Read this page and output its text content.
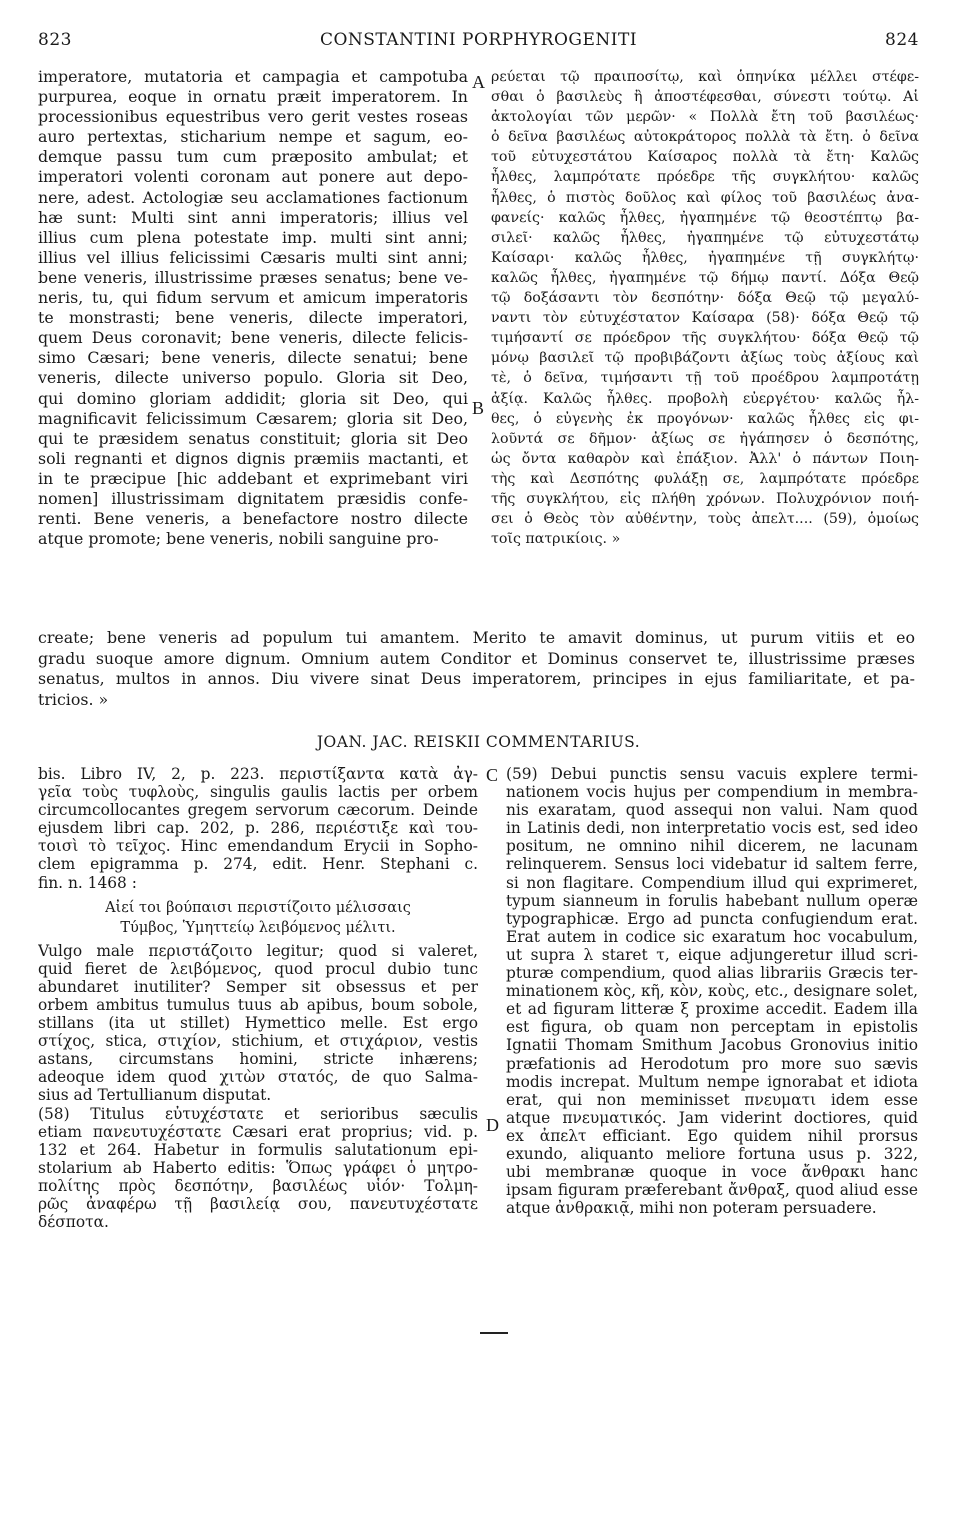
823	CONSTANTINI PORPHYROGENITI	824
imperatore, mutatoria et campagia et campotuba
purpurea, eoque in ornatu præit imperatorem. In
processionibus equestribus vero gerit vestes roseas
auro pertextas, sticharium nempe et sagum, eo-
demque passu tum cum præposito ambulat; et
imperatori volenti coronam aut ponere aut depo-
nere, adest. Actologiæ seu acclamationes factionum
hæ sunt: Multi sint anni imperatoris; illius vel
illius cum plena potestate imp. multi sint anni;
illius vel illius felicissimi Cæsaris multi sint anni;
bene veneris, illustrissime præses senatus; bene ve-
neris, tu, qui fidum servum et amicum imperatoris
te monstrasti; bene veneris, dilecte imperatori,
quem Deus coronavit; bene veneris, dilecte felicis-
simo Cæsari; bene veneris, dilecte senatui; bene
veneris, dilecte universo populo. Gloria sit Deo,
qui domino gloriam addidit; gloria sit Deo, qui
magnificavit felicissimum Cæsarem; gloria sit Deo,
qui te præsidem senatus constituit; gloria sit Deo
soli regnanti et dignos dignis præmiis mactanti, et
in te præcipue [hic addebant et exprimebant viri
nomen] illustrissimam dignitatem præsidis confe-
renti. Bene veneris, a benefactore nostro dilecte
atque promote; bene veneris, nobili sanguine pro-
ρεύεται τῷ πραιποσίτῳ, καὶ ὁπηνίκα μέλλει στέφε-
σθαι ὁ βασιλεὺς ἢ ἀποστέφεσθαι, σύνεστι τούτῳ. Αἱ
ἀκτολογίαι τῶν μερῶν· « Πολλὰ ἔτη τοῦ βασιλέως·
ὁ δεῖνα βασιλέως αὐτοκράτορος πολλὰ τὰ ἔτη. ὁ δεῖνα
τοῦ εὐτυχεστάτου Καίσαρος πολλὰ τὰ ἔτη· Καλῶς
ἦλθες, λαμπρότατε πρόεδρε τῆς συγκλήτου· καλῶς
ἦλθες, ὁ πιστὸς δοῦλος καὶ φίλος τοῦ βασιλέως ἀνα-
φανείς· καλῶς ἦλθες, ἠγαπημένε τῷ θεοστέπτῳ βα-
σιλεῖ· καλῶς ἦλθες, ἠγαπημένε τῷ εὐτυχεστάτῳ
Καίσαρι· καλῶς ἦλθες, ἠγαπημένε τῇ συγκλήτῳ·
καλῶς ἦλθες, ἠγαπημένε τῷ δήμῳ παντί. Δόξα Θεῷ
τῷ δοξάσαντι τὸν δεσπότην· δόξα Θεῷ τῷ μεγαλύ-
ναντι τὸν εὐτυχέστατον Καίσαρα (58)· δόξα Θεῷ τῷ
τιμήσαντί σε πρόεδρον τῆς συγκλήτου· δόξα Θεῷ τῷ
μόνῳ βασιλεῖ τῷ προβιβάζοντι ἀξίως τοὺς ἀξίους καὶ
τὲ, ὁ δεῖνα, τιμήσαντι τῇ τοῦ προέδρου λαμπροτάτῃ
ἀξίᾳ. Καλῶς ἦλθες. προβολὴ εὐεργέτου· καλῶς ἦλ-
θες, ὁ εὐγενὴς ἐκ προγόνων· καλῶς ἦλθες εἰς φι-
λοῦντά σε δῆμον· ἀξίως σε ἠγάπησεν ὁ δεσπότης,
ὡς ὄντα καθαρὸν καὶ ἐπάξιον. Ἀλλ' ὁ πάντων Ποιη-
τὴς καὶ Δεσπότης φυλάξῃ σε, λαμπρότατε πρόεδρε
τῆς συγκλήτου, εἰς πλήθη χρόνων. Πολυχρόνιον ποιή-
σει ὁ Θεὸς τὸν αὐθέντην, τοὺς ἀπελτ.... (59), ὁμοίως
τοῖς πατρικίοις. »
A
B
create; bene veneris ad populum tui amantem. Merito te amavit dominus, ut purum vitiis et eo
gradu suoque amore dignum. Omnium autem Conditor et Dominus conservet te, illustrissime præses
senatus, multos in annos. Diu vivere sinat Deus imperatorem, principes in ejus familiaritate, et pa-
tricios. »
JOAN. JAC. REISKII COMMENTARIUS.
C
D
bis. Libro IV, 2, p. 223. περιστίξαντα κατὰ ἀγ-
γεῖα τοὺς τυφλοὺς, singulis gaulis lactis per orbem
circumcollocantes gregem servorum cæcorum. Deinde
ejusdem libri cap. 202, p. 286, περιέστιξε καὶ του-
τοισὶ τὸ τεῖχος. Hinc emendandum Erycii in Sopho-
clem epigramma p. 274, edit. Henr. Stephani c.
fin. n. 1468 :
Αἰεί τοι βούπαισι περιστίζοιτο μέλισσαις
Τύμβος, Ὑμηττείῳ λειβόμενος μέλιτι.
Vulgo male περιστάζοιτο legitur; quod si valeret,
quid fieret de λειβόμενος, quod procul dubio tunc
abundaret inutiliter? Semper sit obsessus et per
orbem ambitus tumulus tuus ab apibus, boum sobole,
stillans (ita ut stillet) Hymettico melle. Est ergo
στίχος, stica, στιχίον, stichium, et στιχάριον, vestis
astans, circumstans homini, stricte inhærens;
adeoque idem quod χιτὼν στατός, de quo Salma-
sius ad Tertullianum disputat.
(58) Titulus εὐτυχέστατε et serioribus sæculis
etiam πανευτυχέστατε Cæsari erat proprius; vid. p.
132 et 264. Habetur in formulis salutationum epi-
stolarium ab Haberto editis: Ὅπως γράφει ὁ μητρο-
πολίτης πρὸς δεσπότην, βασιλέως υἱόν· Τολμη-
ρῶς ἀναφέρω τῇ βασιλείᾳ σου, πανευτυχέστατε
δέσποτα.
(59) Debui punctis sensu vacuis explere termi-
nationem vocis hujus per compendium in membra-
nis exaratam, quod assequi non valui. Nam quod
in Latinis dedi, non interpretatio vocis est, sed ideo
positum, ne omnino nihil dicerem, ne lacunam
relinquerem. Sensus loci videbatur id saltem ferre,
si non flagitare. Compendium illud qui exprimeret,
typum sianneum in forulis habebant nullum operæ
typographicæ. Ergo ad puncta confugiendum erat.
Erat autem in codice sic exaratum hoc vocabulum,
ut supra λ staret τ, eique adjungeretur illud scri-
pturæ compendium, quod alias librariis Græcis ter-
minationem κὸς, κῆ, κὸν, κοὺς, etc., designare solet,
et ad figuram litteræ ξ proxime accedit. Eadem illa
est figura, ob quam non perceptam in epistolis
Ignatii Thomam Smithum Jacobus Gronovius initio
præfationis ad Herodotum pro more suo sævis
modis increpat. Multum nempe ignorabat et idiota
erat, qui non meminisset πνευματι idem esse
atque πνευματικός. Jam viderint doctiores, quid
ex ἀπελτ efficiant. Ego quidem nihil prorsus
exundo, aliquanto meliore fortuna usus p. 322,
ubi membranæ quoque in voce ἄνθρακι hanc
ipsam figuram præferebant ἄνθραξ, quod aliud esse
atque ἀνθρακιᾷ, mihi non poteram persuadere.
